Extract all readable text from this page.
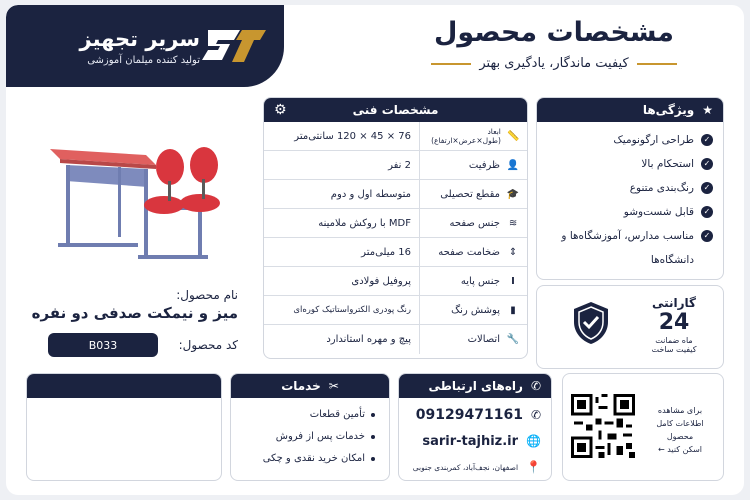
سریر تجهیز
تولید کننده میلمان آموزشی
مشخصات محصول
کیفیت ماندگار، یادگیری بهتر
★
ویژگی‌ها
✓
طراحی ارگونومیک
✓
استحکام بالا
✓
رنگ‌بندی متنوع
✓
قابل شست‌وشو
✓
مناسب مدارس، آموزشگاه‌ها و دانشگاه‌ها
گارانتی
24
ماه ضمانت
کیفیت ساخت
مشخصات فنی
⚙
📏
ابعاد (طول×عرض×ارتفاع)
76 × 45 × 120 سانتی‌متر
👤
ظرفیت
2 نفر
🎓
مقطع تحصیلی
متوسطه اول و دوم
≋
جنس صفحه
MDF با روکش ملامینه
⇕
ضخامت صفحه
16 میلی‌متر
I
جنس پایه
پروفیل فولادی
▮
پوشش رنگ
رنگ پودری الکترواستاتیک کوره‌ای
🔧
اتصالات
پیچ و مهره استاندارد
نام محصول:
میز و نیمکت صدفی دو نفره
کد محصول:
B033
برای مشاهده
اطلاعات کامل محصول
اسکن کنید ←
✆
راه‌های ارتباطی
✆
09129471161
🌐
sarir-tajhiz.ir
📍
اصفهان، نجف‌آباد، کمربندی جنوبی
✂
خدمات
تأمین قطعات
خدمات پس از فروش
امکان خرید نقدی و چکی
